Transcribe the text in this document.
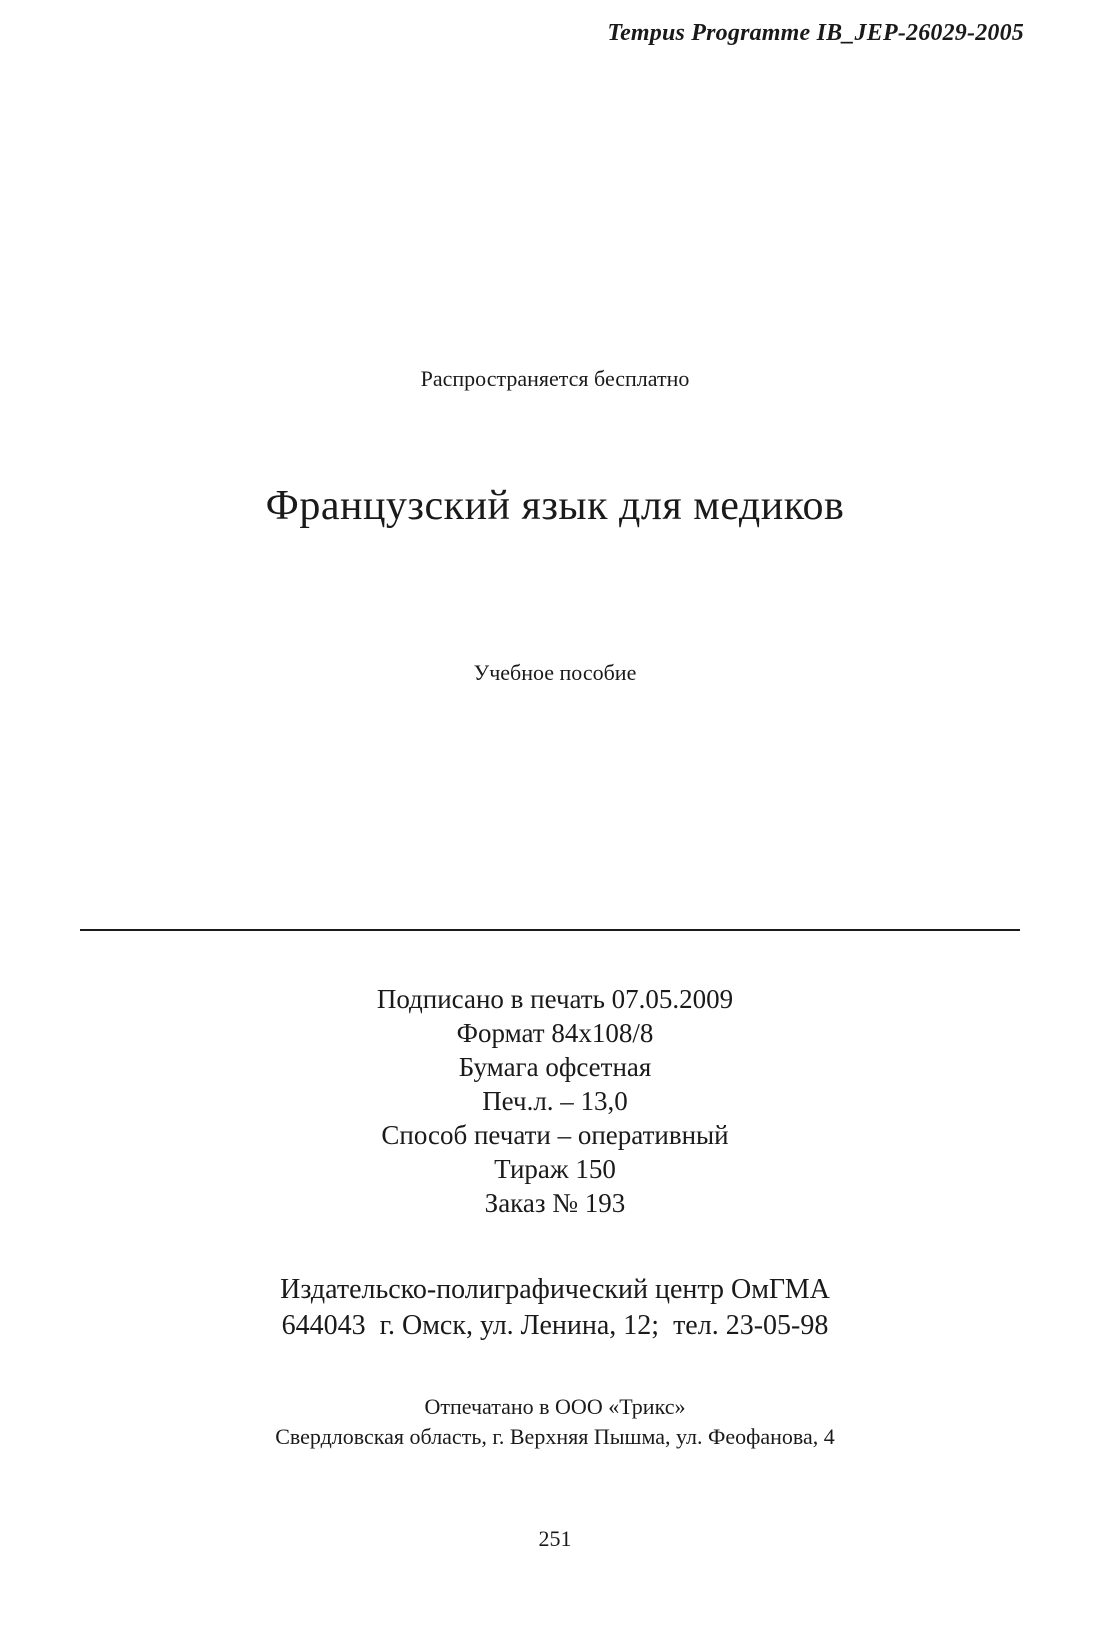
Tempus Programme IB_JEP-26029-2005
Распространяется бесплатно
Французский язык для медиков
Учебное пособие
Подписано в печать 07.05.2009
Формат 84x108/8
Бумага офсетная
Печ.л. – 13,0
Способ печати – оперативный
Тираж 150
Заказ № 193
Издательско-полиграфический центр ОмГМА
644043  г. Омск, ул. Ленина, 12;  тел. 23-05-98
Отпечатано в ООО «Трикс»
Свердловская область, г. Верхняя Пышма, ул. Феофанова, 4
251
